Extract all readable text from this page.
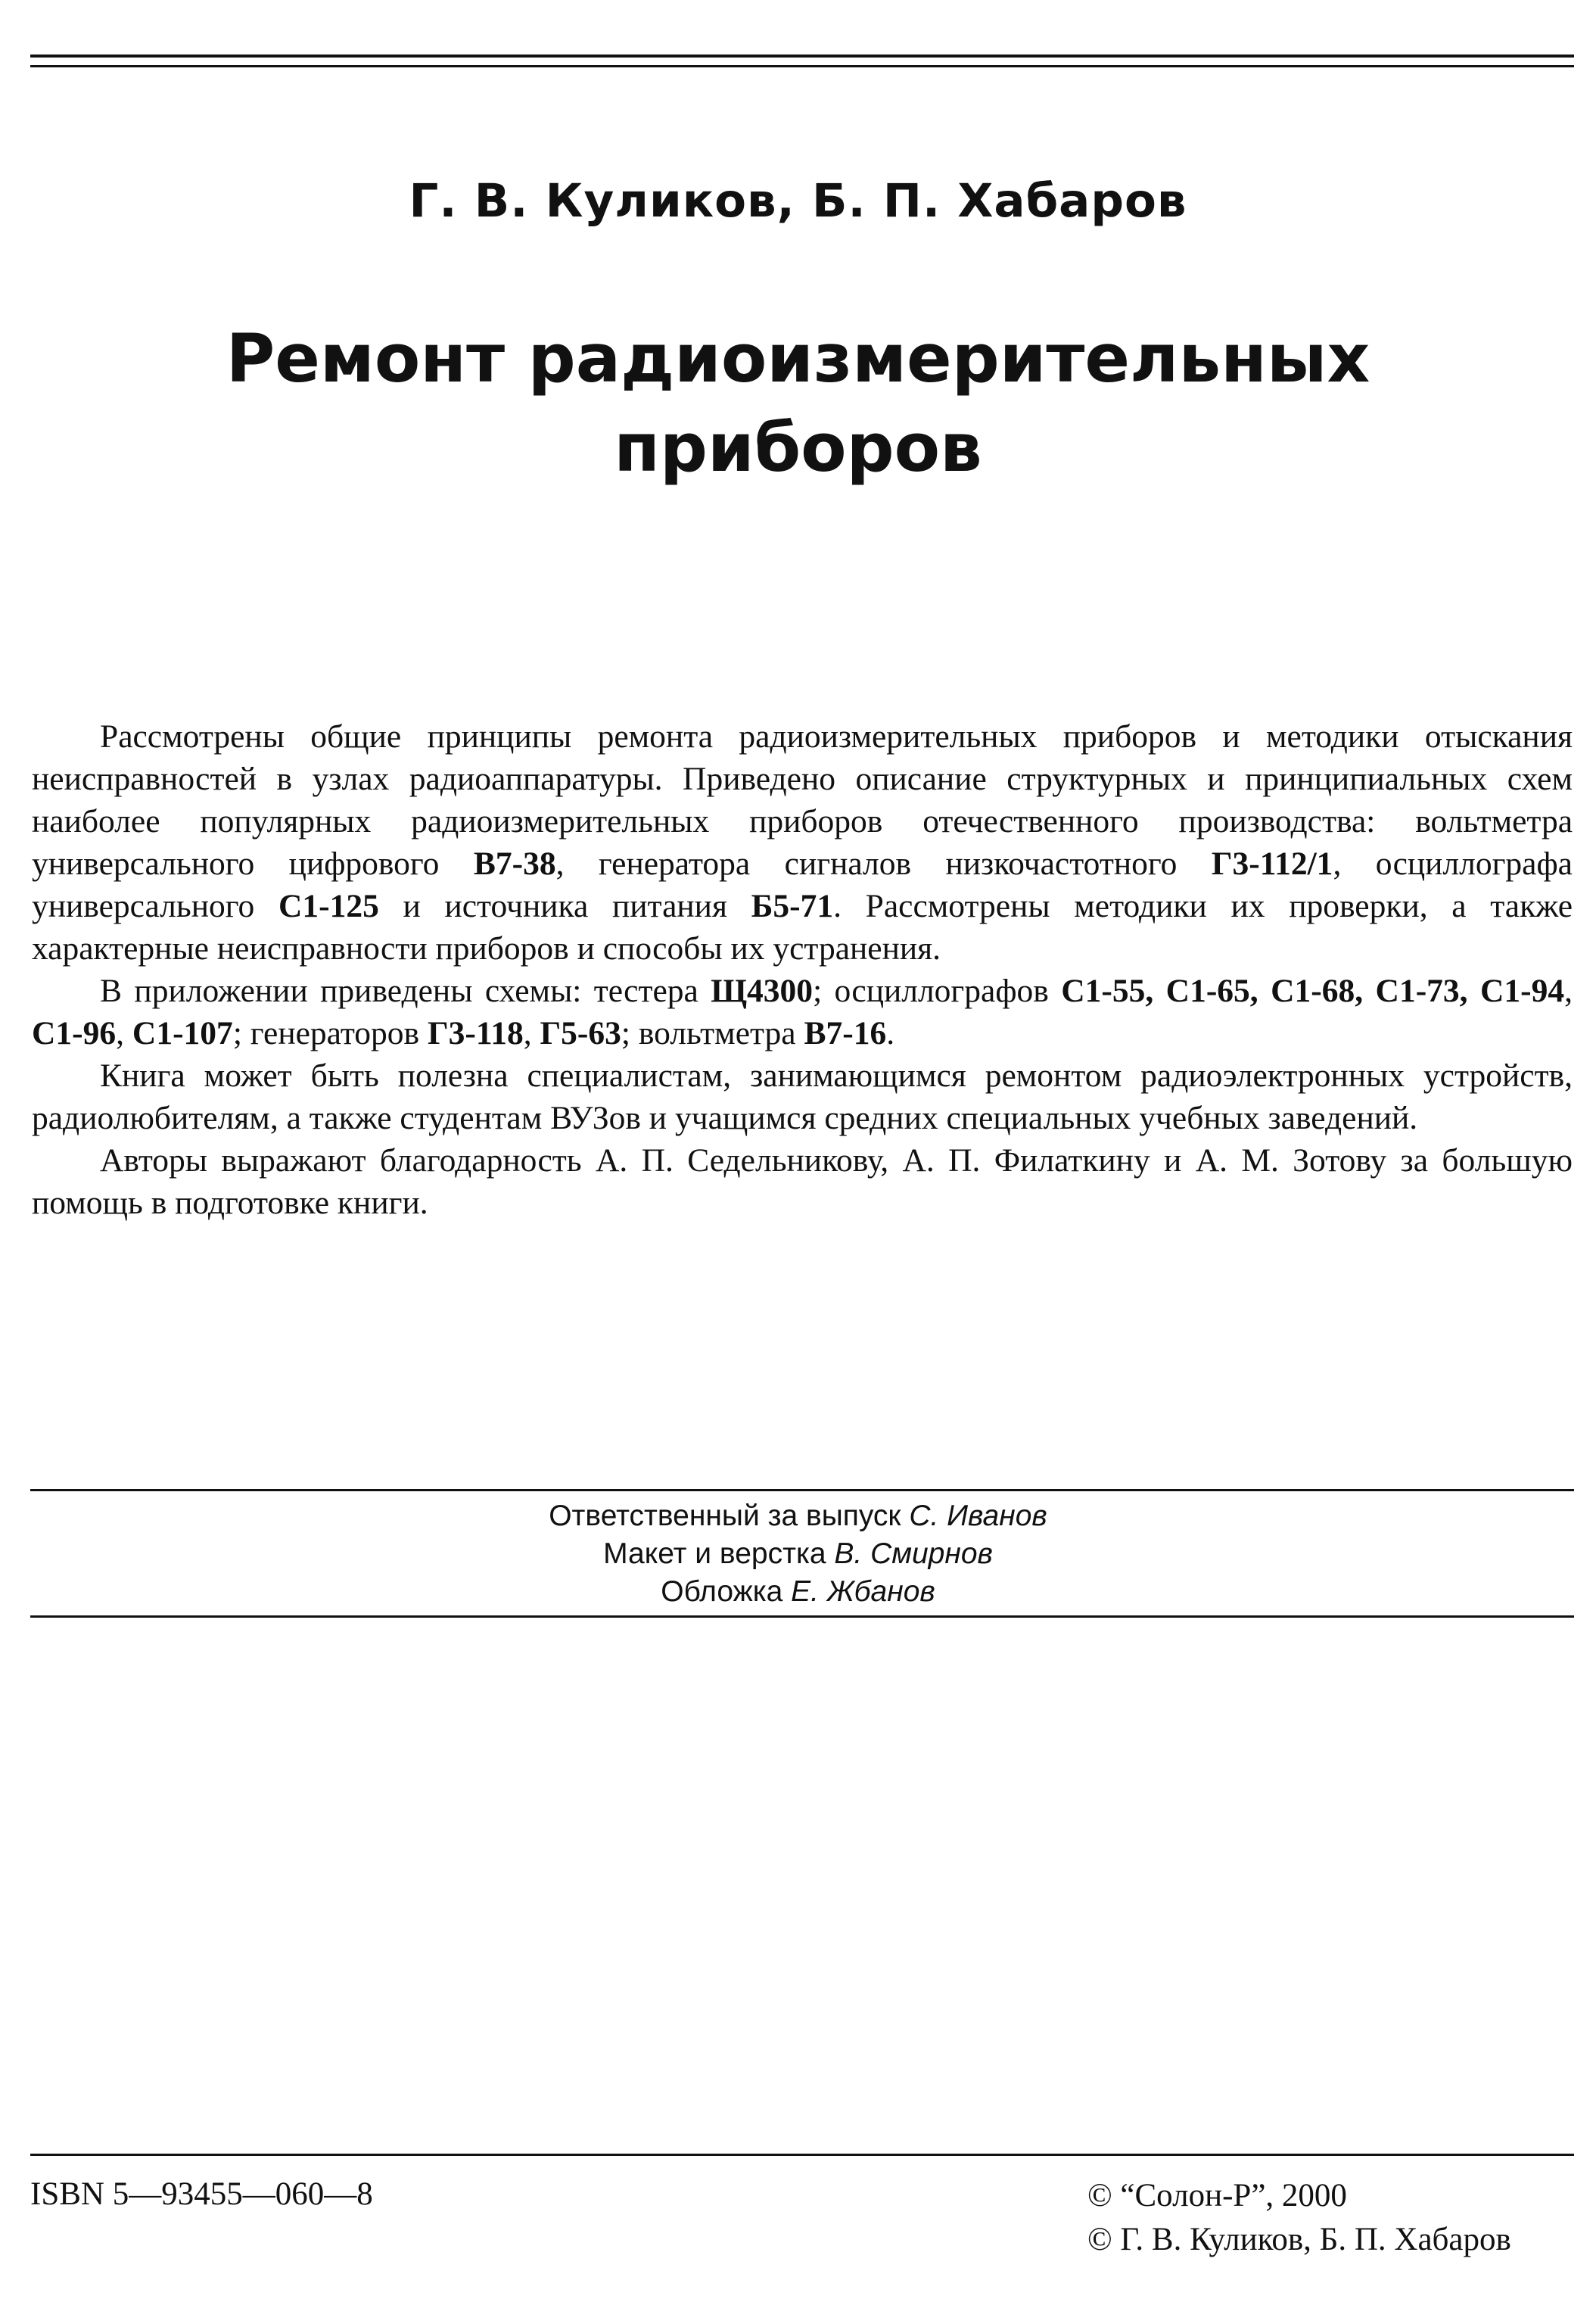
Г. В. Куликов, Б. П. Хабаров
Ремонт радиоизмерительных
приборов

Рассмотрены общие принципы ремонта радиоизмерительных приборов и методики отыскания неисправностей в узлах радиоаппаратуры. Приведено описание структурных и принципиальных схем наиболее популярных радиоизмерительных приборов отечественного производства: вольтметра универсального цифрового В7-38, генератора сигналов низкочастотного Г3-112/1, осциллографа универсального С1-125 и источника питания Б5-71. Рассмотрены методики их проверки, а также характерные неисправности приборов и способы их устранения.

В приложении приведены схемы: тестера Щ4300; осциллографов С1-55, С1-65, С1-68, С1-73, С1-94, С1-96, С1-107; генераторов Г3-118, Г5-63; вольтметра В7-16.

Книга может быть полезна специалистам, занимающимся ремонтом радиоэлектронных устройств, радиолюбителям, а также студентам ВУЗов и учащимся средних специальных учебных заведений.

Авторы выражают благодарность А. П. Седельникову, А. П. Филаткину и А. М. Зотову за большую помощь в подготовке книги.

Ответственный за выпуск С. Иванов
Макет и верстка В. Смирнов
Обложка Е. Жбанов
ISBN 5—93455—060—8	© “Солон-Р”, 2000
© Г. В. Куликов, Б. П. Хабаров
